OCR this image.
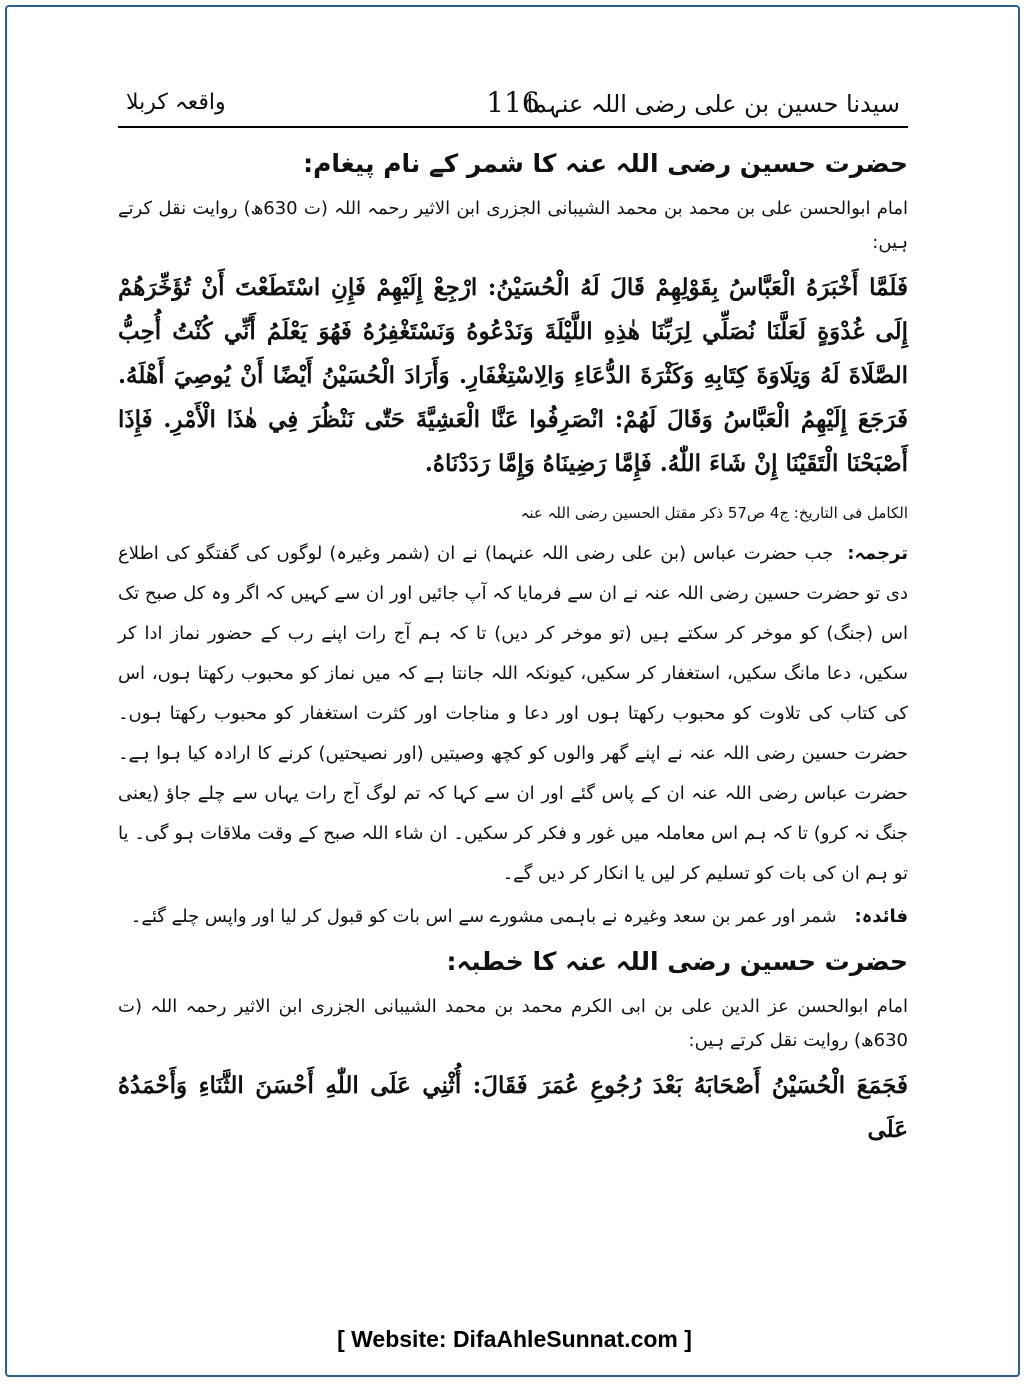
سیدنا حسین بن علی رضی اللہ عنہما
116
واقعہ کربلا
حضرت حسین رضی اللہ عنہ کا شمر کے نام پیغام:

امام ابوالحسن علی بن محمد بن محمد الشیبانی الجزری ابن الاثیر رحمہ اللہ (ت 630ھ) روایت نقل کرتے ہیں:

فَلَمَّا أَخْبَرَهُ الْعَبَّاسُ بِقَوْلِهِمْ قَالَ لَهُ الْحُسَيْنُ: ارْجِعْ إِلَيْهِمْ فَإِنِ اسْتَطَعْتَ أَنْ تُؤَخِّرَهُمْ إِلَى غُدْوَةٍ لَعَلَّنَا نُصَلِّي لِرَبِّنَا هٰذِهِ اللَّيْلَةَ وَنَدْعُوهُ وَنَسْتَغْفِرُهُ فَهُوَ يَعْلَمُ أَنِّي كُنْتُ أُحِبُّ الصَّلَاةَ لَهُ وَتِلَاوَةَ كِتَابِهِ وَكَثْرَةَ الدُّعَاءِ وَالِاسْتِغْفَارِ. وَأَرَادَ الْحُسَيْنُ أَيْضًا أَنْ يُوصِيَ أَهْلَهُ. فَرَجَعَ إِلَيْهِمُ الْعَبَّاسُ وَقَالَ لَهُمْ: انْصَرِفُوا عَنَّا الْعَشِيَّةَ حَتّٰى نَنْظُرَ فِي هٰذَا الْأَمْرِ. فَإِذَا أَصْبَحْنَا الْتَقَيْنَا إِنْ شَاءَ اللّٰهُ. فَإِمَّا رَضِينَاهُ وَإِمَّا رَدَدْنَاهُ.

الکامل فی التاریخ: ج4 ص57 ذکر مقتل الحسین رضی اللہ عنہ

ترجمہ:جب حضرت عباس (بن علی رضی اللہ عنہما) نے ان (شمر وغیرہ) لوگوں کی گفتگو کی اطلاع دی تو حضرت حسین رضی اللہ عنہ نے ان سے فرمایا کہ آپ جائیں اور ان سے کہیں کہ اگر وہ کل صبح تک اس (جنگ) کو موخر کر سکتے ہیں (تو موخر کر دیں) تا کہ ہم آج رات اپنے رب کے حضور نماز ادا کر سکیں، دعا مانگ سکیں، استغفار کر سکیں، کیونکہ اللہ جانتا ہے کہ میں نماز کو محبوب رکھتا ہوں، اس کی کتاب کی تلاوت کو محبوب رکھتا ہوں اور دعا و مناجات اور کثرت استغفار کو محبوب رکھتا ہوں۔ حضرت حسین رضی اللہ عنہ نے اپنے گھر والوں کو کچھ وصیتیں (اور نصیحتیں) کرنے کا ارادہ کیا ہوا ہے۔ حضرت عباس رضی اللہ عنہ ان کے پاس گئے اور ان سے کہا کہ تم لوگ آج رات یہاں سے چلے جاؤ (یعنی جنگ نہ کرو) تا کہ ہم اس معاملہ میں غور و فکر کر سکیں۔ ان شاء اللہ صبح کے وقت ملاقات ہو گی۔ یا تو ہم ان کی بات کو تسلیم کر لیں یا انکار کر دیں گے۔

فائدہ:شمر اور عمر بن سعد وغیرہ نے باہمی مشورے سے اس بات کو قبول کر لیا اور واپس چلے گئے۔

حضرت حسین رضی اللہ عنہ کا خطبہ:

امام ابوالحسن عز الدین علی بن ابی الکرم محمد بن محمد الشیبانی الجزری ابن الاثیر رحمہ اللہ (ت 630ھ) روایت نقل کرتے ہیں:

فَجَمَعَ الْحُسَيْنُ أَصْحَابَهُ بَعْدَ رُجُوعِ عُمَرَ فَقَالَ: أُثْنِي عَلَى اللّٰهِ أَحْسَنَ الثَّنَاءِ وَأَحْمَدُهُ عَلَى

[ Website: DifaAhleSunnat.com ]
